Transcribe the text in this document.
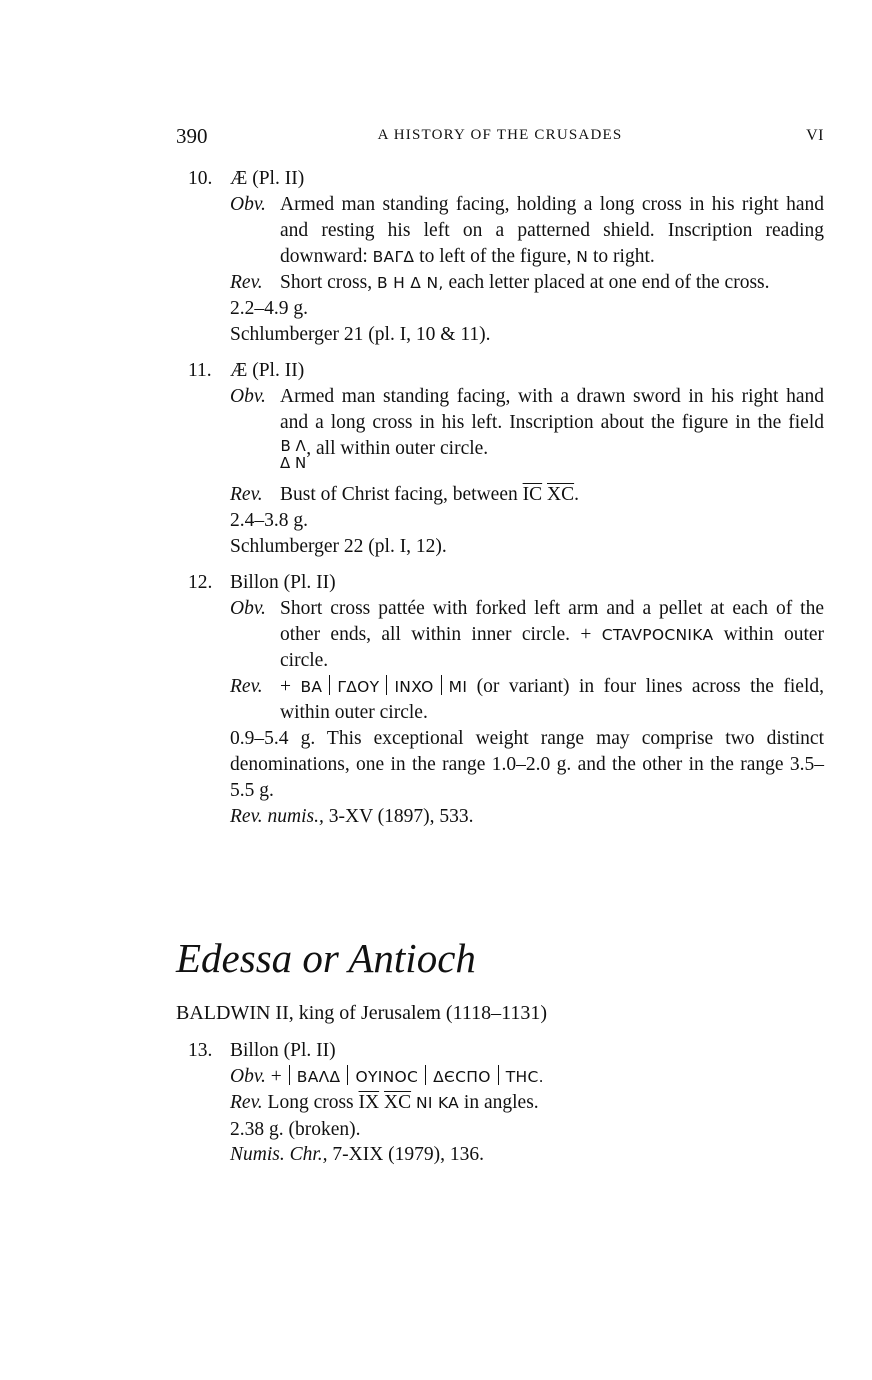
390	A HISTORY OF THE CRUSADES	VI
10. Æ (Pl. II)
Obv. Armed man standing facing, holding a long cross in his right hand and resting his left on a patterned shield. Inscription reading downward: ΒΑΓΔ to left of the figure, Ν to right.
Rev. Short cross, Β Η Δ Ν, each letter placed at one end of the cross.
2.2–4.9 g.
Schlumberger 21 (pl. I, 10 & 11).
11. Æ (Pl. II)
Obv. Armed man standing facing, with a drawn sword in his right hand and a long cross in his left. Inscription about the figure in the field
Β Λ
Δ Ν
, all within outer circle.
Rev. Bust of Christ facing, between $\overline{IC}$ $\overline{XC}$.
2.4–3.8 g.
Schlumberger 22 (pl. I, 12).
12. Billon (Pl. II)
Obv. Short cross pattée with forked left arm and a pellet at each of the other ends, all within inner circle. + CTAVPOCNIKA within outer circle.
Rev. + ΒΑ ΓΔΟΥ INXO MI (or variant) in four lines across the field, within outer circle.
0.9–5.4 g. This exceptional weight range may comprise two distinct denominations, one in the range 1.0–2.0 g. and the other in the range 3.5–5.5 g.
Rev. numis., 3-XV (1897), 533.
Edessa or Antioch
BALDWIN II, king of Jerusalem (1118–1131)
13. Billon (Pl. II)
Obv. + ΒΑΛΔ ΟΥΙΝΟC ΔЄCΠΟ THC.
Rev. Long cross $\overline{IX}$ $\overline{XC}$ NI KA in angles.
2.38 g. (broken).
Numis. Chr., 7-XIX (1979), 136.
